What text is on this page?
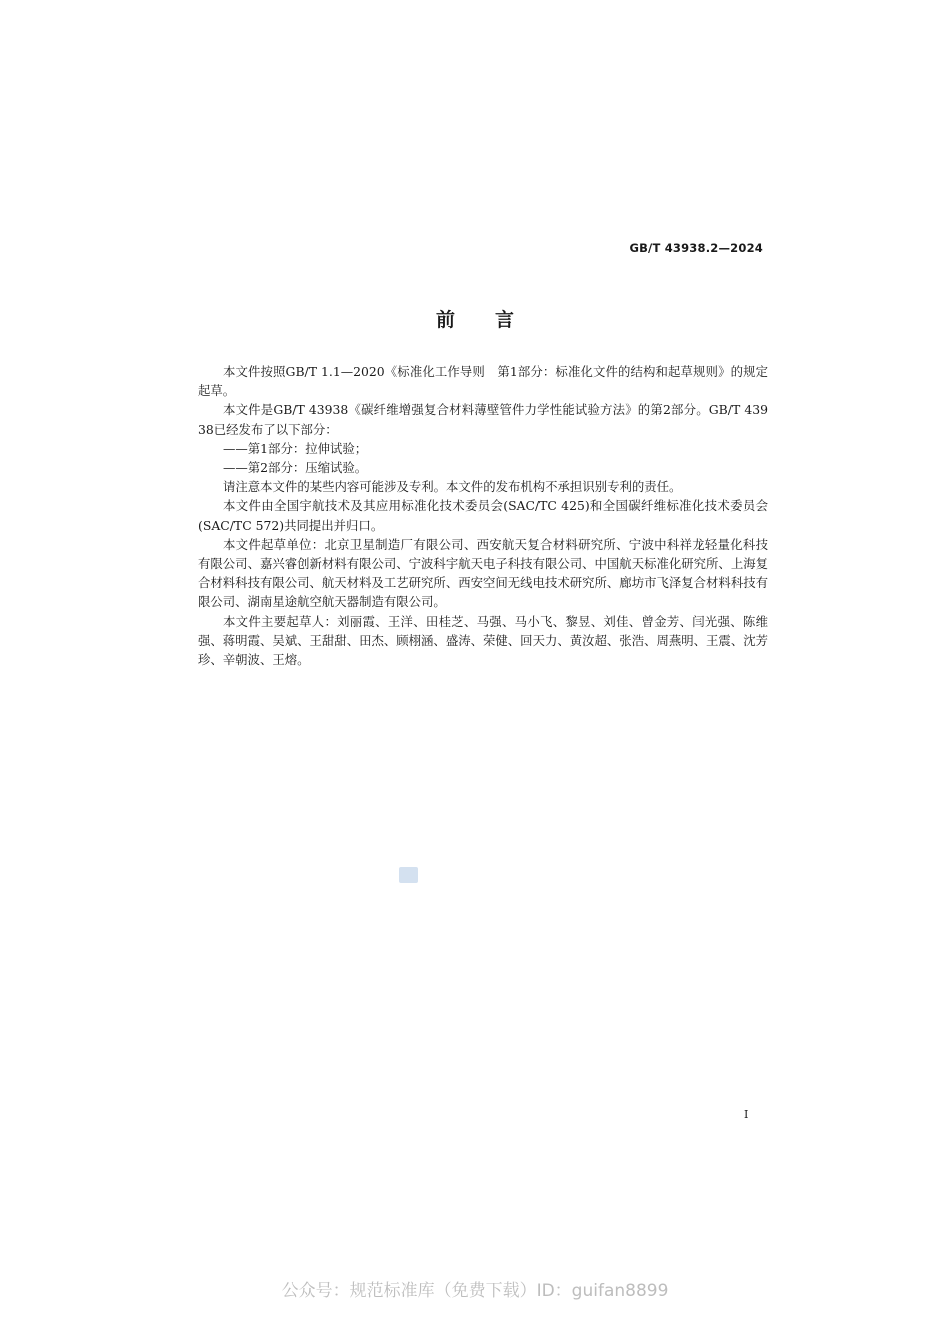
GB/T 43938.2—2024
前 言

本文件按照GB/T 1.1—2020《标准化工作导则　第1部分：标准化文件的结构和起草规则》的规定起草。

本文件是GB/T 43938《碳纤维增强复合材料薄壁管件力学性能试验方法》的第2部分。GB/T 43938已经发布了以下部分：

——第1部分：拉伸试验；

——第2部分：压缩试验。

请注意本文件的某些内容可能涉及专利。本文件的发布机构不承担识别专利的责任。

本文件由全国宇航技术及其应用标准化技术委员会(SAC/TC 425)和全国碳纤维标准化技术委员会(SAC/TC 572)共同提出并归口。

本文件起草单位：北京卫星制造厂有限公司、西安航天复合材料研究所、宁波中科祥龙轻量化科技有限公司、嘉兴睿创新材料有限公司、宁波科宇航天电子科技有限公司、中国航天标准化研究所、上海复合材料科技有限公司、航天材料及工艺研究所、西安空间无线电技术研究所、廊坊市飞泽复合材料科技有限公司、湖南星途航空航天器制造有限公司。

本文件主要起草人：刘丽霞、王洋、田桂芝、马强、马小飞、黎昱、刘佳、曾金芳、闫光强、陈维强、蒋明霞、吴斌、王甜甜、田杰、顾栩涵、盛涛、荣健、回天力、黄汝超、张浩、周燕明、王震、沈芳珍、辛朝波、王熔。

I
公众号：规范标准库（免费下载）ID：guifan8899
